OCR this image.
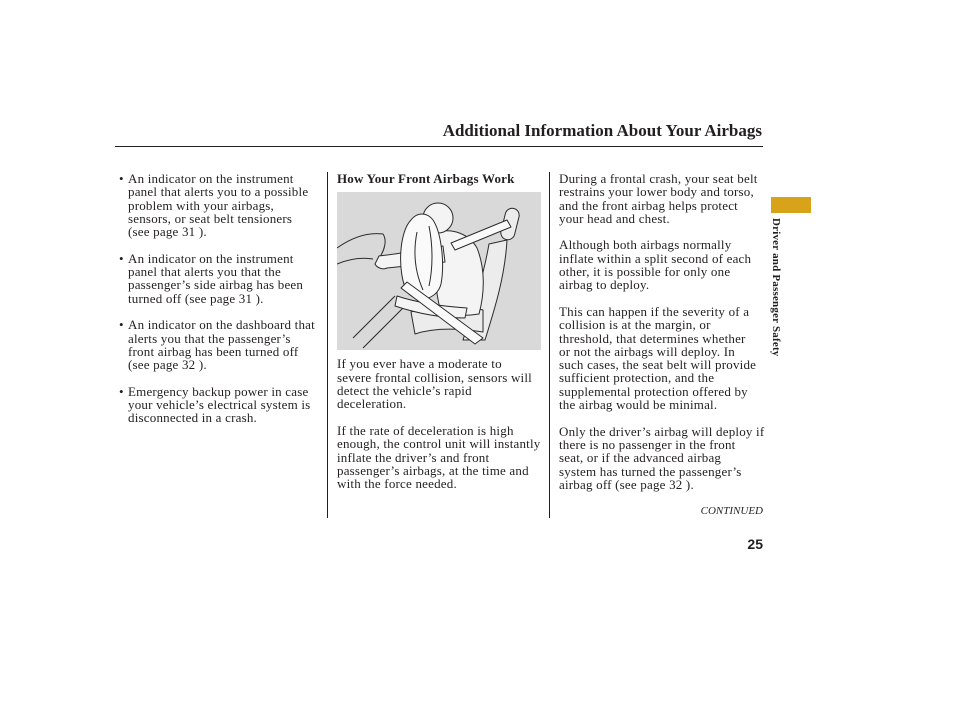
Additional Information About Your Airbags
• An indicator on the instrument
panel that alerts you to a possible
problem with your airbags,
sensors, or seat belt tensioners
(see page 31 ).
• An indicator on the instrument
panel that alerts you that the
passenger’s side airbag has been
turned off (see page 31 ).
• An indicator on the dashboard that
alerts you that the passenger’s
front airbag has been turned off
(see page 32 ).
• Emergency backup power in case
your vehicle’s electrical system is
disconnected in a crash.
How Your Front Airbags Work
If you ever have a moderate to
severe frontal collision, sensors will
detect the vehicle’s rapid
deceleration.
If the rate of deceleration is high
enough, the control unit will instantly
inflate the driver’s and front
passenger’s airbags, at the time and
with the force needed.
During a frontal crash, your seat belt
restrains your lower body and torso,
and the front airbag helps protect
your head and chest.
Although both airbags normally
inflate within a split second of each
other, it is possible for only one
airbag to deploy.
This can happen if the severity of a
collision is at the margin, or
threshold, that determines whether
or not the airbags will deploy. In
such cases, the seat belt will provide
sufficient protection, and the
supplemental protection offered by
the airbag would be minimal.
Only the driver’s airbag will deploy if
there is no passenger in the front
seat, or if the advanced airbag
system has turned the passenger’s
airbag off (see page 32 ).
CONTINUED
25
Driver and Passenger Safety
